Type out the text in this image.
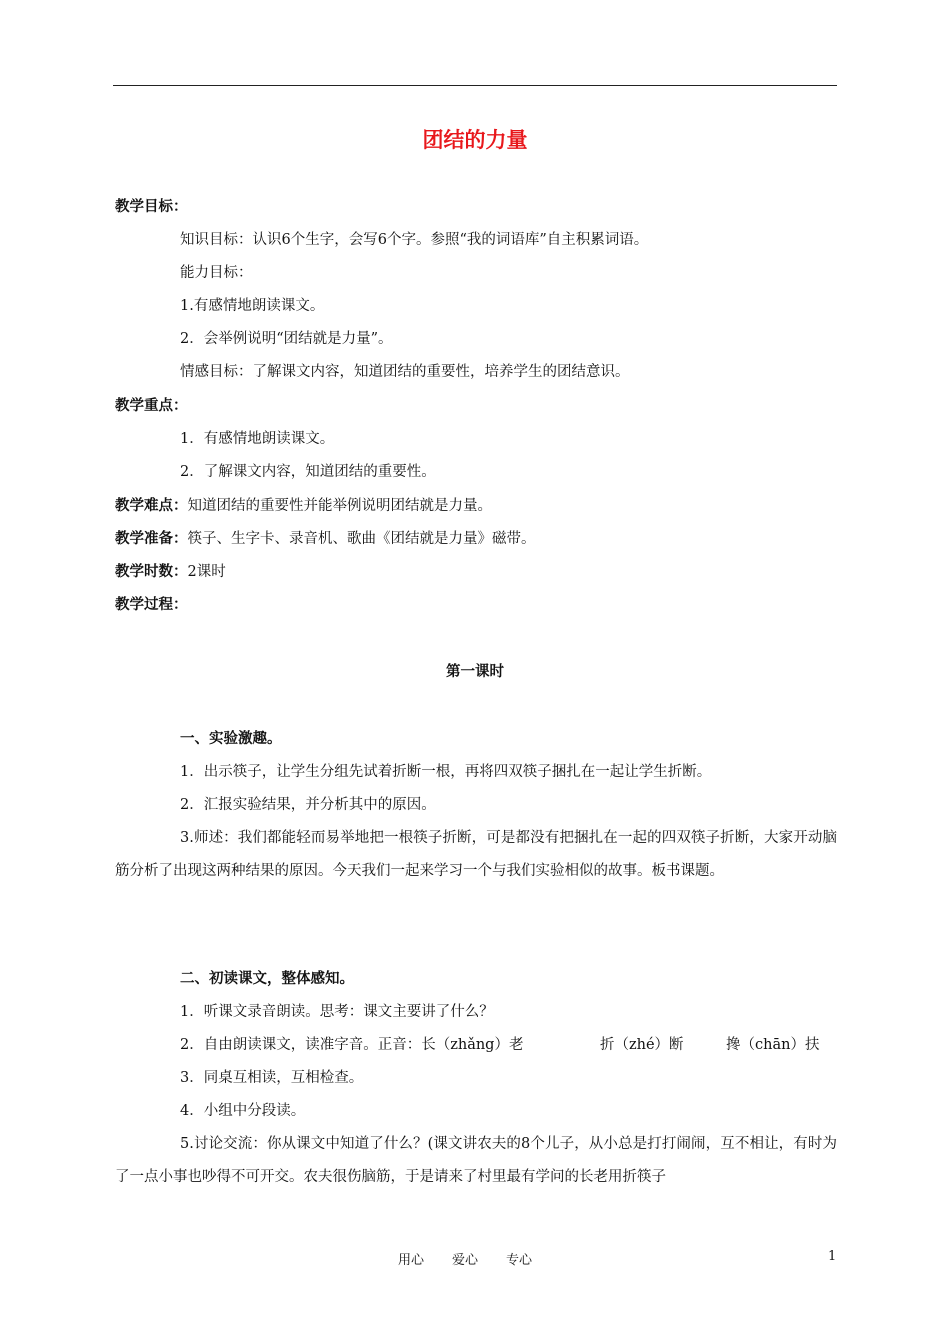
团结的力量
教学目标：
知识目标：认识6个生字，会写6个字。参照“我的词语库”自主积累词语。
能力目标：
1.有感情地朗读课文。
2．会举例说明“团结就是力量”。
情感目标：了解课文内容，知道团结的重要性，培养学生的团结意识。
教学重点：
1．有感情地朗读课文。
2．了解课文内容，知道团结的重要性。
教学难点：知道团结的重要性并能举例说明团结就是力量。
教学准备：筷子、生字卡、录音机、歌曲《团结就是力量》磁带。
教学时数：2课时
教学过程：
第一课时
一、实验激趣。
1．出示筷子，让学生分组先试着折断一根，再将四双筷子捆扎在一起让学生折断。
2．汇报实验结果，并分析其中的原因。
3.师述：我们都能轻而易举地把一根筷子折断，可是都没有把捆扎在一起的四双筷子折断，大家开动脑筋分析了出现这两种结果的原因。今天我们一起来学习一个与我们实验相似的故事。板书课题。
二、初读课文，整体感知。
1．听课文录音朗读。思考：课文主要讲了什么？
2．自由朗读课文，读准字音。正音：长（zhǎng）老	折（zhé）断	搀（chān）扶
3．同桌互相读，互相检查。
4．小组中分段读。
5.讨论交流：你从课文中知道了什么？(课文讲农夫的8个儿子，从小总是打打闹闹，互不相让，有时为了一点小事也吵得不可开交。农夫很伤脑筋，于是请来了村里最有学问的长老用折筷子
用心 爱心 专心	1
